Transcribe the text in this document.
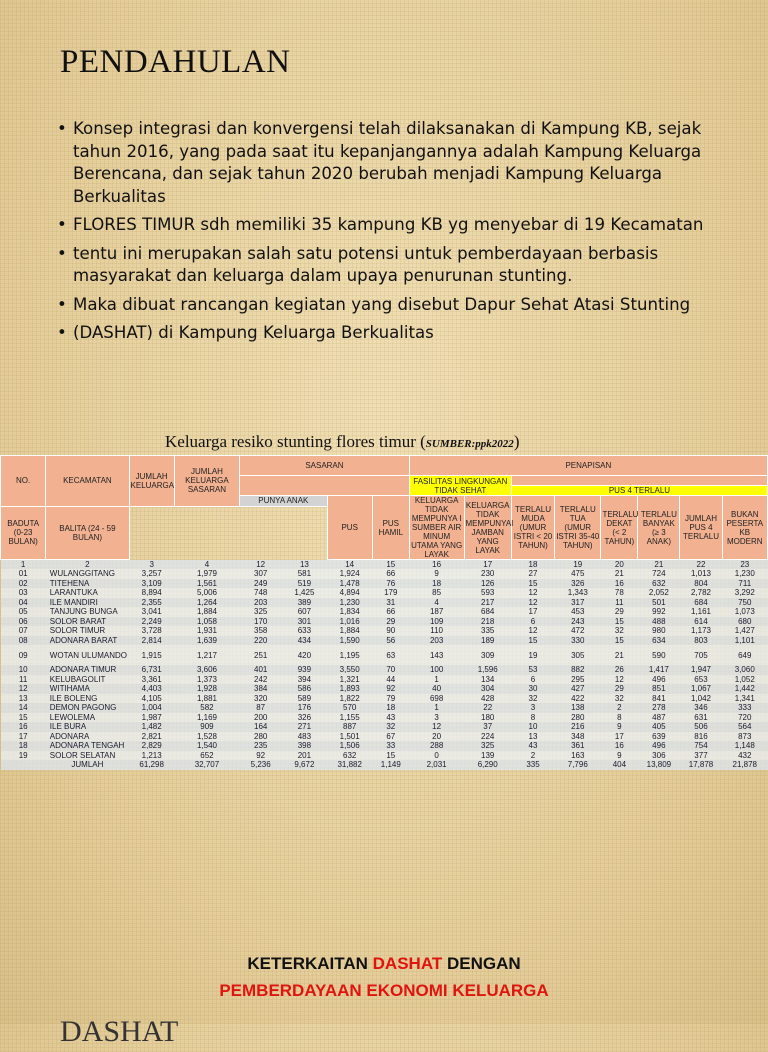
PENDAHULAN
• Konsep integrasi dan konvergensi telah dilaksanakan di Kampung KB, sejak tahun 2016, yang pada saat itu kepanjangannya adalah Kampung Keluarga Berencana, dan sejak tahun 2020 berubah menjadi Kampung Keluarga Berkualitas
• FLORES TIMUR sdh memiliki 35 kampung KB yg menyebar di 19 Kecamatan
• tentu ini merupakan salah satu potensi untuk pemberdayaan berbasis masyarakat dan keluarga dalam upaya penurunan stunting.
• Maka dibuat rancangan kegiatan yang disebut Dapur Sehat Atasi Stunting
• (DASHAT) di Kampung Keluarga Berkualitas
Keluarga resiko stunting flores timur (SUMBER:ppk2022)
NO.	KECAMATAN	JUMLAH KELUARGA	JUMLAH KELUARGA SASARAN	SASARAN				PENAPISAN							
								FASILITAS LINGKUNGAN TIDAK SEHAT							
										PUS 4 TERLALU					
				PUNYA ANAK		PUS	PUS HAMIL	KELUARGA TIDAK MEMPUNYA I SUMBER AIR MINUM UTAMA YANG LAYAK	KELUARGA TIDAK MEMPUNYAI JAMBAN YANG LAYAK	TERLALU MUDA (UMUR ISTRI < 20 TAHUN)	TERLALU TUA (UMUR ISTRI 35-40 TAHUN)	TERLALU DEKAT (< 2 TAHUN)	TERLALU BANYAK (≥ 3 ANAK)	JUMLAH PUS 4 TERLALU	BUKAN PESERTA KB MODERN
BADUTA (0-23 BULAN)	BALITA (24 - 59 BULAN)														
1	2	3	4	12	13	14	15	16	17	18	19	20	21	22	23
01	WULANGGITANG	3,257	1,979	307	581	1,924	66	9	230	27	475	21	724	1,013	1,230
02	TITEHENA	3,109	1,561	249	519	1,478	76	18	126	15	326	16	632	804	711
03	LARANTUKA	8,894	5,006	748	1,425	4,894	179	85	593	12	1,343	78	2,052	2,782	3,292
04	ILE MANDIRI	2,355	1,264	203	389	1,230	31	4	217	12	317	11	501	684	750
05	TANJUNG BUNGA	3,041	1,884	325	607	1,834	66	187	684	17	453	29	992	1,161	1,073
06	SOLOR BARAT	2,249	1,058	170	301	1,016	29	109	218	6	243	15	488	614	680
07	SOLOR TIMUR	3,728	1,931	358	633	1,884	90	110	335	12	472	32	980	1,173	1,427
08	ADONARA BARAT	2,814	1,639	220	434	1,590	56	203	189	15	330	15	634	803	1,101
09	WOTAN ULUMANDO	1,915	1,217	251	420	1,195	63	143	309	19	305	21	590	705	649
10	ADONARA TIMUR	6,731	3,606	401	939	3,550	70	100	1,596	53	882	26	1,417	1,947	3,060
11	KELUBAGOLIT	3,361	1,373	242	394	1,321	44	1	134	6	295	12	496	653	1,052
12	WITIHAMA	4,403	1,928	384	586	1,893	92	40	304	30	427	29	851	1,067	1,442
13	ILE BOLENG	4,105	1,881	320	589	1,822	79	698	428	32	422	32	841	1,042	1,341
14	DEMON PAGONG	1,004	582	87	176	570	18	1	22	3	138	2	278	346	333
15	LEWOLEMA	1,987	1,169	200	326	1,155	43	3	180	8	280	8	487	631	720
16	ILE BURA	1,482	909	164	271	887	32	12	37	10	216	9	405	506	564
17	ADONARA	2,821	1,528	280	483	1,501	67	20	224	13	348	17	639	816	873
18	ADONARA TENGAH	2,829	1,540	235	398	1,506	33	288	325	43	361	16	496	754	1,148
19	SOLOR SELATAN	1,213	652	92	201	632	15	0	139	2	163	9	306	377	432
	JUMLAH	61,298	32,707	5,236	9,672	31,882	1,149	2,031	6,290	335	7,796	404	13,809	17,878	21,878
KETERKAITAN DASHAT DENGAN
PEMBERDAYAAN EKONOMI KELUARGA
DASHAT
